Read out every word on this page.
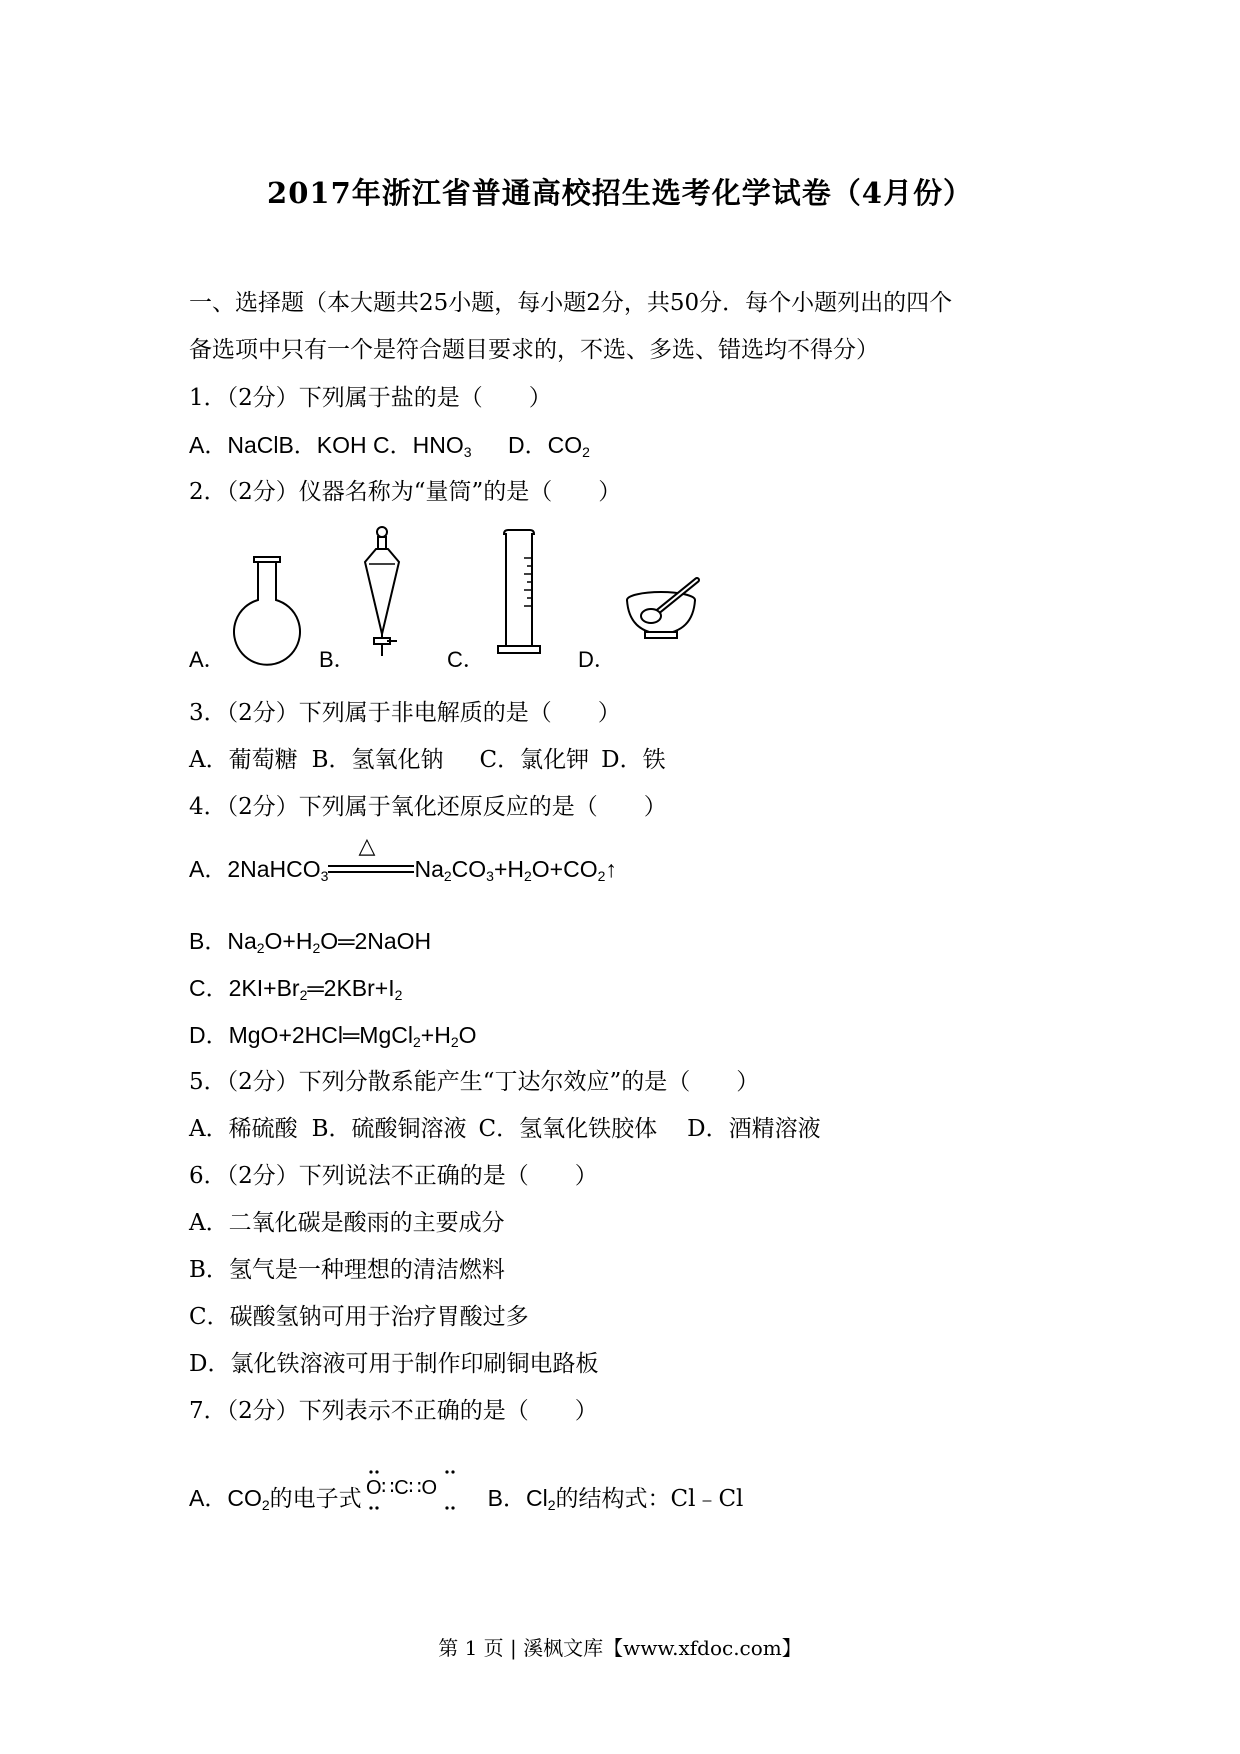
2017年浙江省普通高校招生选考化学试卷（4月份）
一、选择题（本大题共25小题，每小题2分，共50分．每个小题列出的四个
备选项中只有一个是符合题目要求的，不选、多选、错选均不得分）
1．（2分）下列属于盐的是（　　）
A．NaClB．KOH C．$HNO_3$ D．$CO_2$
2．（2分）仪器名称为“量筒”的是（　　）
A．	B．	C．	D．
3．（2分）下列属于非电解质的是（　　）
A．葡萄糖 B．氢氧化钠 C．氯化钾 D．铁
4．（2分）下列属于氧化还原反应的是（　　）
A．2NaHCO$_3$
△
$Na_2CO_3+H_2O+CO_2↑$
B．$Na_2O+H_2O═2NaOH$
C．$2KI+Br_2═2KBr+I_2$
D．$MgO+2HCl═MgCl_2+H_2O$
5．（2分）下列分散系能产生“丁达尔效应”的是（　　）
A．稀硫酸 B．硫酸铜溶液 C．氢氧化铁胶体 D．酒精溶液
6．（2分）下列说法不正确的是（　　）
A．二氧化碳是酸雨的主要成分
B．氢气是一种理想的清洁燃料
C．碳酸氢钠可用于治疗胃酸过多
D．氯化铁溶液可用于制作印刷铜电路板
7．（2分）下列表示不正确的是（　　）
A．$CO_2$的电子式 O∷C∷O B．$Cl_2$的结构式：Cl﹣Cl
第 1 页 | 溪枫文库【www.xfdoc.com】
